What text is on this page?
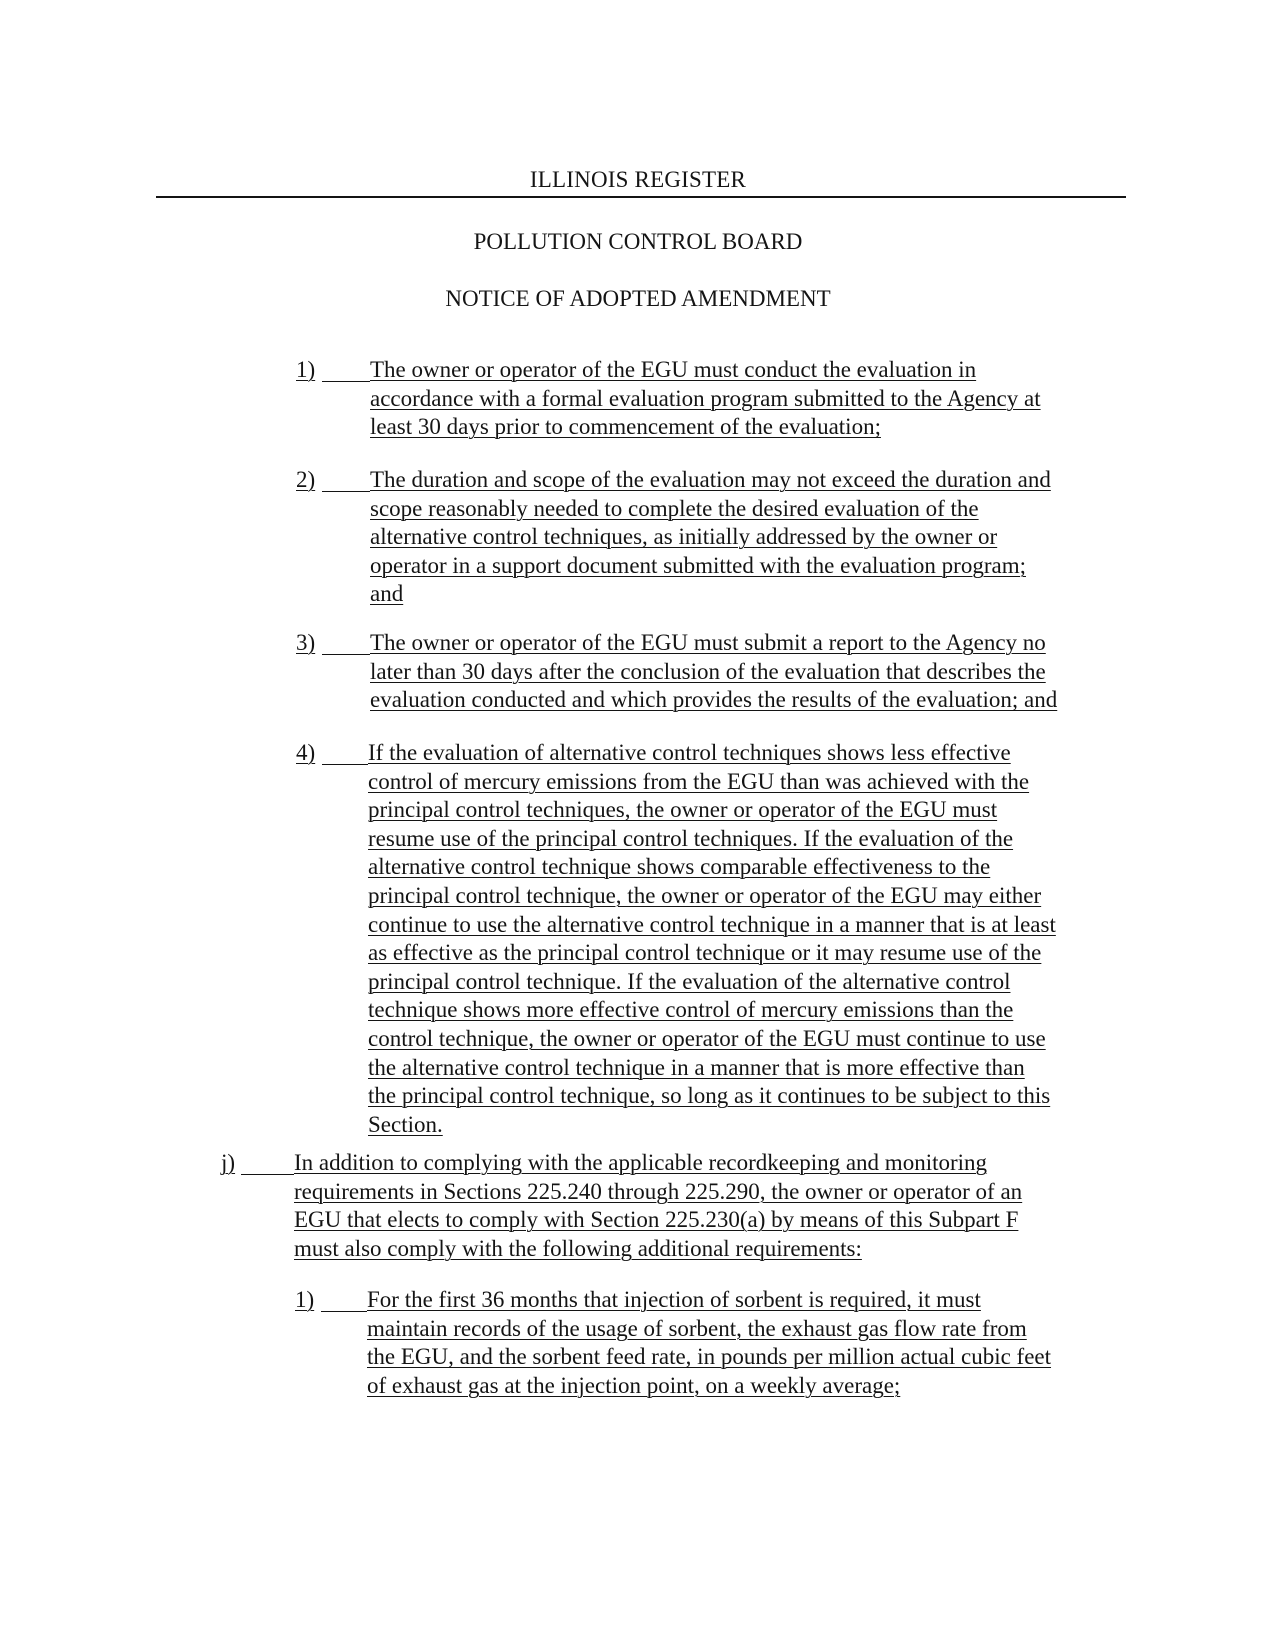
ILLINOIS REGISTER
POLLUTION CONTROL BOARD
NOTICE OF ADOPTED AMENDMENT
1) The owner or operator of the EGU must conduct the evaluation in
accordance with a formal evaluation program submitted to the Agency at
least 30 days prior to commencement of the evaluation;
2) The duration and scope of the evaluation may not exceed the duration and
scope reasonably needed to complete the desired evaluation of the
alternative control techniques, as initially addressed by the owner or
operator in a support document submitted with the evaluation program;
and
3) The owner or operator of the EGU must submit a report to the Agency no
later than 30 days after the conclusion of the evaluation that describes the
evaluation conducted and which provides the results of the evaluation; and
4) If the evaluation of alternative control techniques shows less effective
control of mercury emissions from the EGU than was achieved with the
principal control techniques, the owner or operator of the EGU must
resume use of the principal control techniques. If the evaluation of the
alternative control technique shows comparable effectiveness to the
principal control technique, the owner or operator of the EGU may either
continue to use the alternative control technique in a manner that is at least
as effective as the principal control technique or it may resume use of the
principal control technique. If the evaluation of the alternative control
technique shows more effective control of mercury emissions than the
control technique, the owner or operator of the EGU must continue to use
the alternative control technique in a manner that is more effective than
the principal control technique, so long as it continues to be subject to this
Section.
j)	In addition to complying with the applicable recordkeeping and monitoring
requirements in Sections 225.240 through 225.290, the owner or operator of an
EGU that elects to comply with Section 225.230(a) by means of this Subpart F
must also comply with the following additional requirements:
1) For the first 36 months that injection of sorbent is required, it must
maintain records of the usage of sorbent, the exhaust gas flow rate from
the EGU, and the sorbent feed rate, in pounds per million actual cubic feet
of exhaust gas at the injection point, on a weekly average;
